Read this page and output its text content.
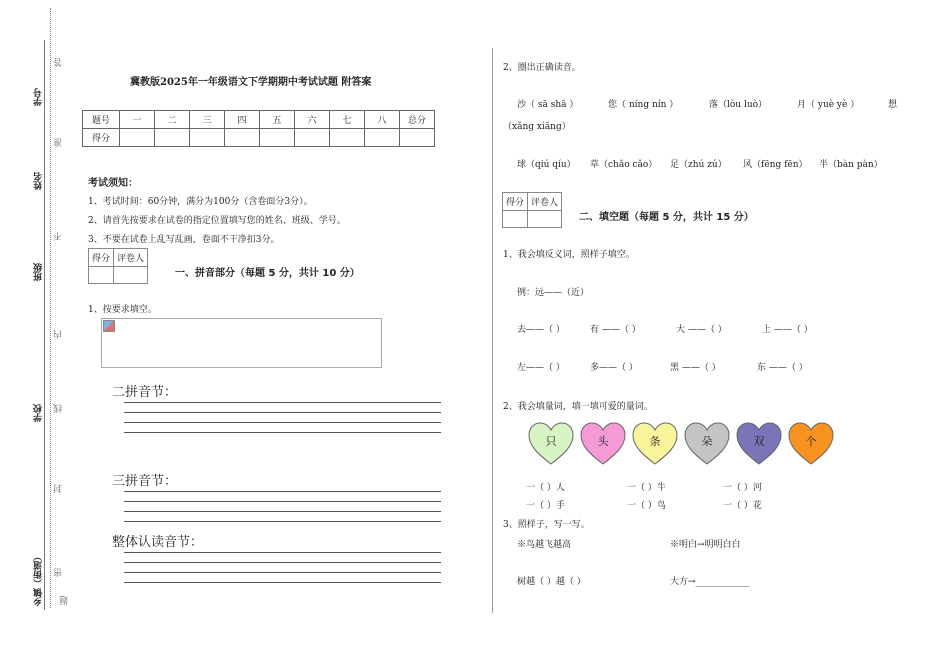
学号
姓名
班级
学校
乡镇（街道）
答
准
不
内
线
封
密
题
冀教版2025年一年级语文下学期期中考试试题 附答案
题号	一	二	三	四	五	六	七	八	总分
得分									
考试须知：
1、考试时间：60分钟，满分为100分（含卷面分3分）。
2、请首先按要求在试卷的指定位置填写您的姓名、班级、学号。
3、不要在试卷上乱写乱画，卷面不干净扣3分。
得分	评卷人

一、拼音部分（每题 5 分，共计 10 分）
1、按要求填空。
二拼音节：
三拼音节：
整体认读音节：
2、圈出正确读音。
沙（ sā shā ）	您（ níng nín ）	落（lòu luò）	月（ yuè yè ）	想
（xǎng xiǎng）
球（qiú qíu） 草（chǎo cǎo） 足（zhú zú） 风（fēng fēn） 半（bàn pàn）
得分	评卷人

二、填空题（每题 5 分，共计 15 分）
1、我会填反义词，照样子填空。
例：远——（近）
去——（ ）	有 ——（ ）	大 ——（ ）	上 ——（ ）
左——（ ）	多——（ ）	黑 ——（ ）	东 ——（ ）
2、我会填量词，填一填可爱的量词。
只	头	条	朵	双	个
一（ ）人	一（ ）牛	一（ ）河
一（ ）手	一（ ）鸟	一（ ）花
3、照样子，写一写。
※鸟越飞越高	※明白→明明白白
树越（ ）越（ ）	大方→____________
